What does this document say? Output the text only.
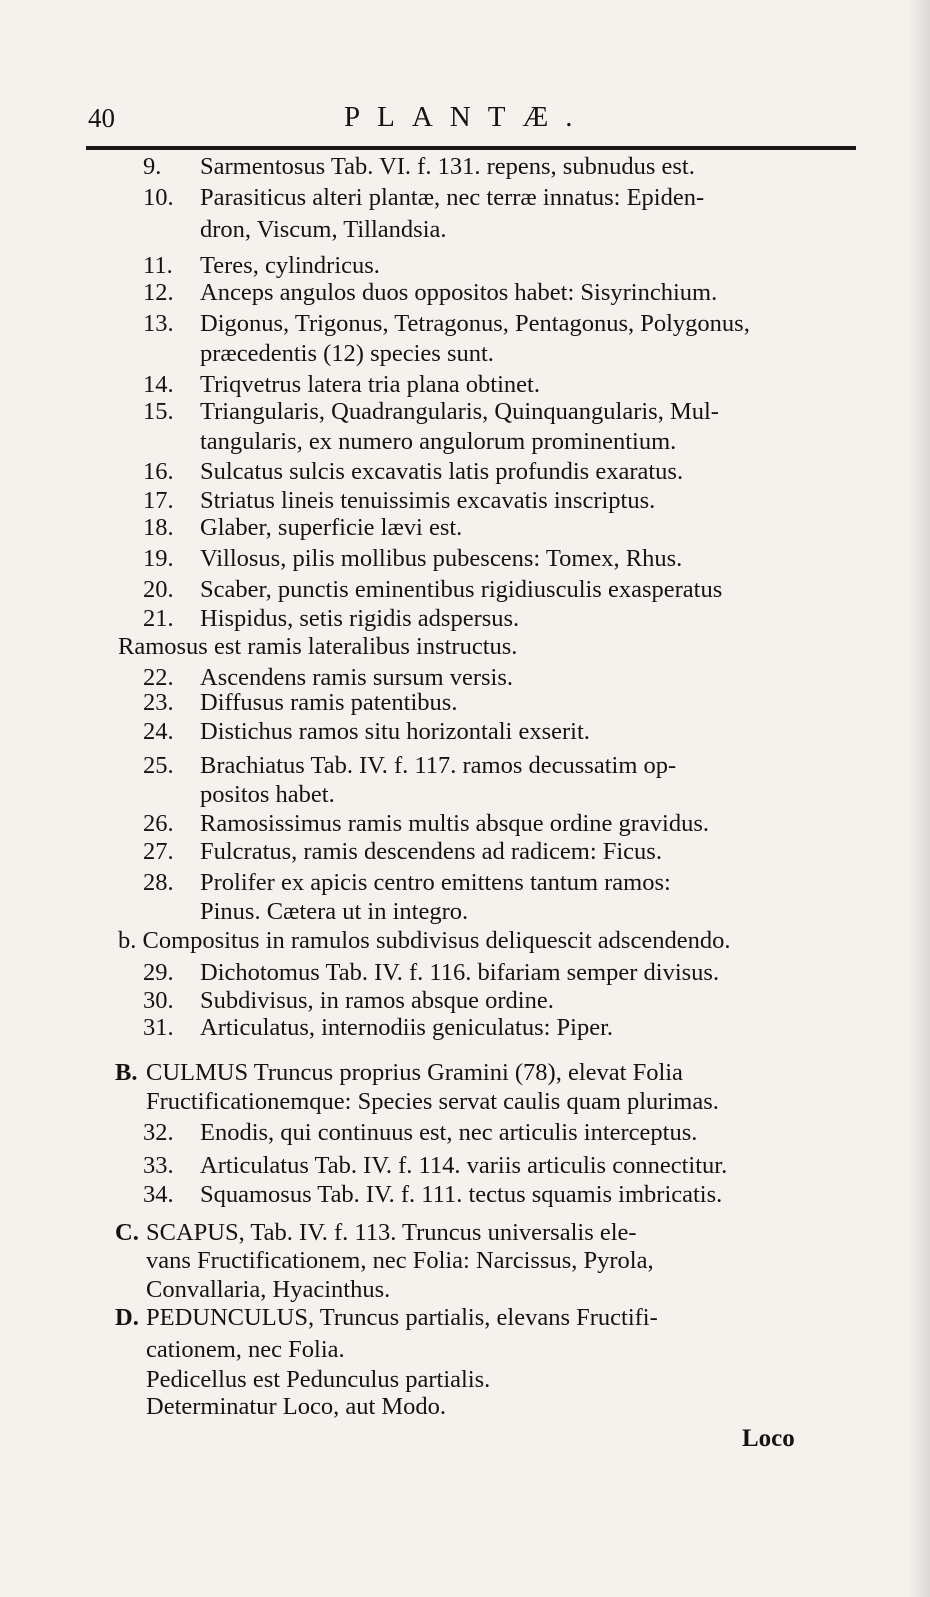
40	PLANTÆ.
9. Sarmentosus Tab. VI. f. 131. repens, subnudus est.
10. Parasiticus alteri plantæ, nec terræ innatus: Epiden-
dron, Viscum, Tillandsia.
11. Teres, cylindricus.
12. Anceps angulos duos oppositos habet: Sisyrinchium.
13. Digonus, Trigonus, Tetragonus, Pentagonus, Polygonus,
præcedentis (12) species sunt.
14. Triqvetrus latera tria plana obtinet.
15. Triangularis, Quadrangularis, Quinquangularis, Mul-
tangularis, ex numero angulorum prominentium.
16. Sulcatus sulcis excavatis latis profundis exaratus.
17. Striatus lineis tenuissimis excavatis inscriptus.
18. Glaber, superficie lævi est.
19. Villosus, pilis mollibus pubescens: Tomex, Rhus.
20. Scaber, punctis eminentibus rigidiusculis exasperatus
21. Hispidus, setis rigidis adspersus.
Ramosus est ramis lateralibus instructus.
22. Ascendens ramis sursum versis.
23. Diffusus ramis patentibus.
24. Distichus ramos situ horizontali exserit.
25. Brachiatus Tab. IV. f. 117. ramos decussatim op-
positos habet.
26. Ramosissimus ramis multis absque ordine gravidus.
27. Fulcratus, ramis descendens ad radicem: Ficus.
28. Prolifer ex apicis centro emittens tantum ramos:
Pinus. Cætera ut in integro.
b. Compositus in ramulos subdivisus deliquescit adscendendo.
29. Dichotomus Tab. IV. f. 116. bifariam semper divisus.
30. Subdivisus, in ramos absque ordine.
31. Articulatus, internodiis geniculatus: Piper.
B. CULMUS Truncus proprius Gramini (78), elevat Folia
Fructificationemque: Species servat caulis quam plurimas.
32. Enodis, qui continuus est, nec articulis interceptus.
33. Articulatus Tab. IV. f. 114. variis articulis connectitur.
34. Squamosus Tab. IV. f. 111. tectus squamis imbricatis.
C. SCAPUS, Tab. IV. f. 113. Truncus universalis ele-
vans Fructificationem, nec Folia: Narcissus, Pyrola,
Convallaria, Hyacinthus.
D. PEDUNCULUS, Truncus partialis, elevans Fructifi-
cationem, nec Folia.
Pedicellus est Pedunculus partialis.
Determinatur Loco, aut Modo.
Loco
